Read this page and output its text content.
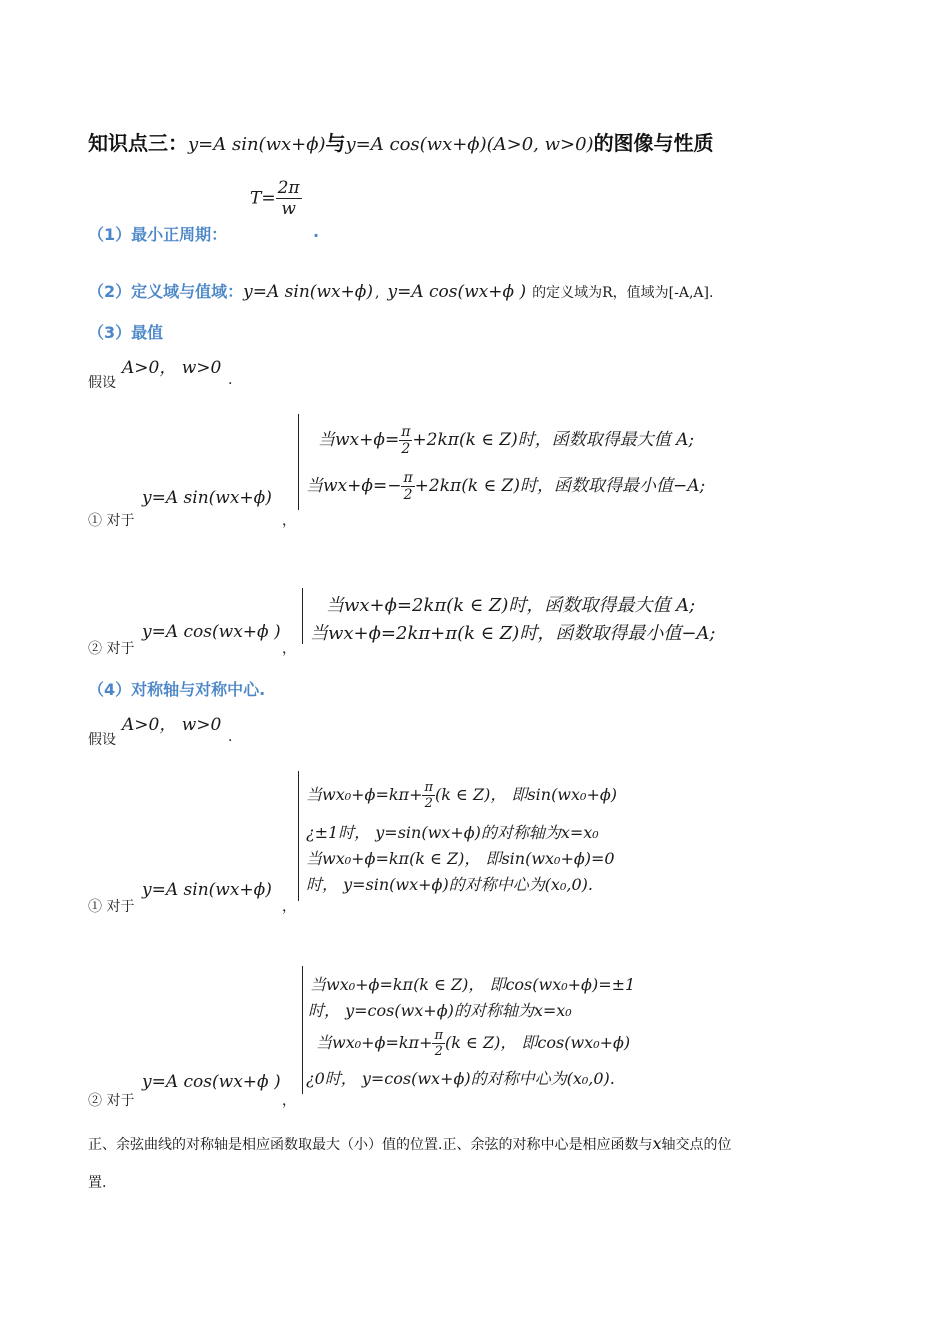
知识点三：y=A sin(wx+ϕ)与y=A cos(wx+ϕ)(A>0, w>0)的图像与性质
$T= \frac{2\pi}{w}$
（1）最小正周期：	.
（2）定义域与值域：y=A sin(wx+ϕ) , y=A cos(wx+ϕ ) 的定义域为R，值域为[-A,A].
（3）最值
A>0， w>0
假设	.
当$wx+\phi= \frac{\pi}{2} +2k\pi(k$ ∈ Z)时，函数取得最大值 A;
当$wx+\phi=- \frac{\pi}{2} +2k\pi(k$ ∈ Z)时，函数取得最小值−A;
y=A sin(wx+ϕ)
① 对于	，
当wx+ϕ=2kπ(k ∈ Z)时，函数取得最大值 A;
当wx+ϕ=2kπ+π(k ∈ Z)时，函数取得最小值−A;
y=A cos(wx+ϕ )
② 对于	，
（4）对称轴与对称中心.
A>0， w>0
假设	.
当$wx_0+\phi=k\pi+ \frac{\pi}{2} (k$ ∈ Z)， 即sin(wx₀+ϕ)
¿±1时， y=sin(wx+ϕ)的对称轴为x=x₀
当wx₀+ϕ=kπ(k ∈ Z)， 即sin(wx₀+ϕ)=0
时， y=sin(wx+ϕ)的对称中心为(x₀,0).
y=A sin(wx+ϕ)
① 对于	，
当wx₀+ϕ=kπ(k ∈ Z)， 即cos(wx₀+ϕ)=±1
时， y=cos(wx+ϕ)的对称轴为x=x₀
当$wx_0+\phi=k\pi+ \frac{\pi}{2} (k$ ∈ Z)， 即cos(wx₀+ϕ)
¿0时， y=cos(wx+ϕ)的对称中心为(x₀,0).
y=A cos(wx+ϕ )
② 对于	，
正、余弦曲线的对称轴是相应函数取最大（小）值的位置.正、余弦的对称中心是相应函数与x轴交点的位
置.
